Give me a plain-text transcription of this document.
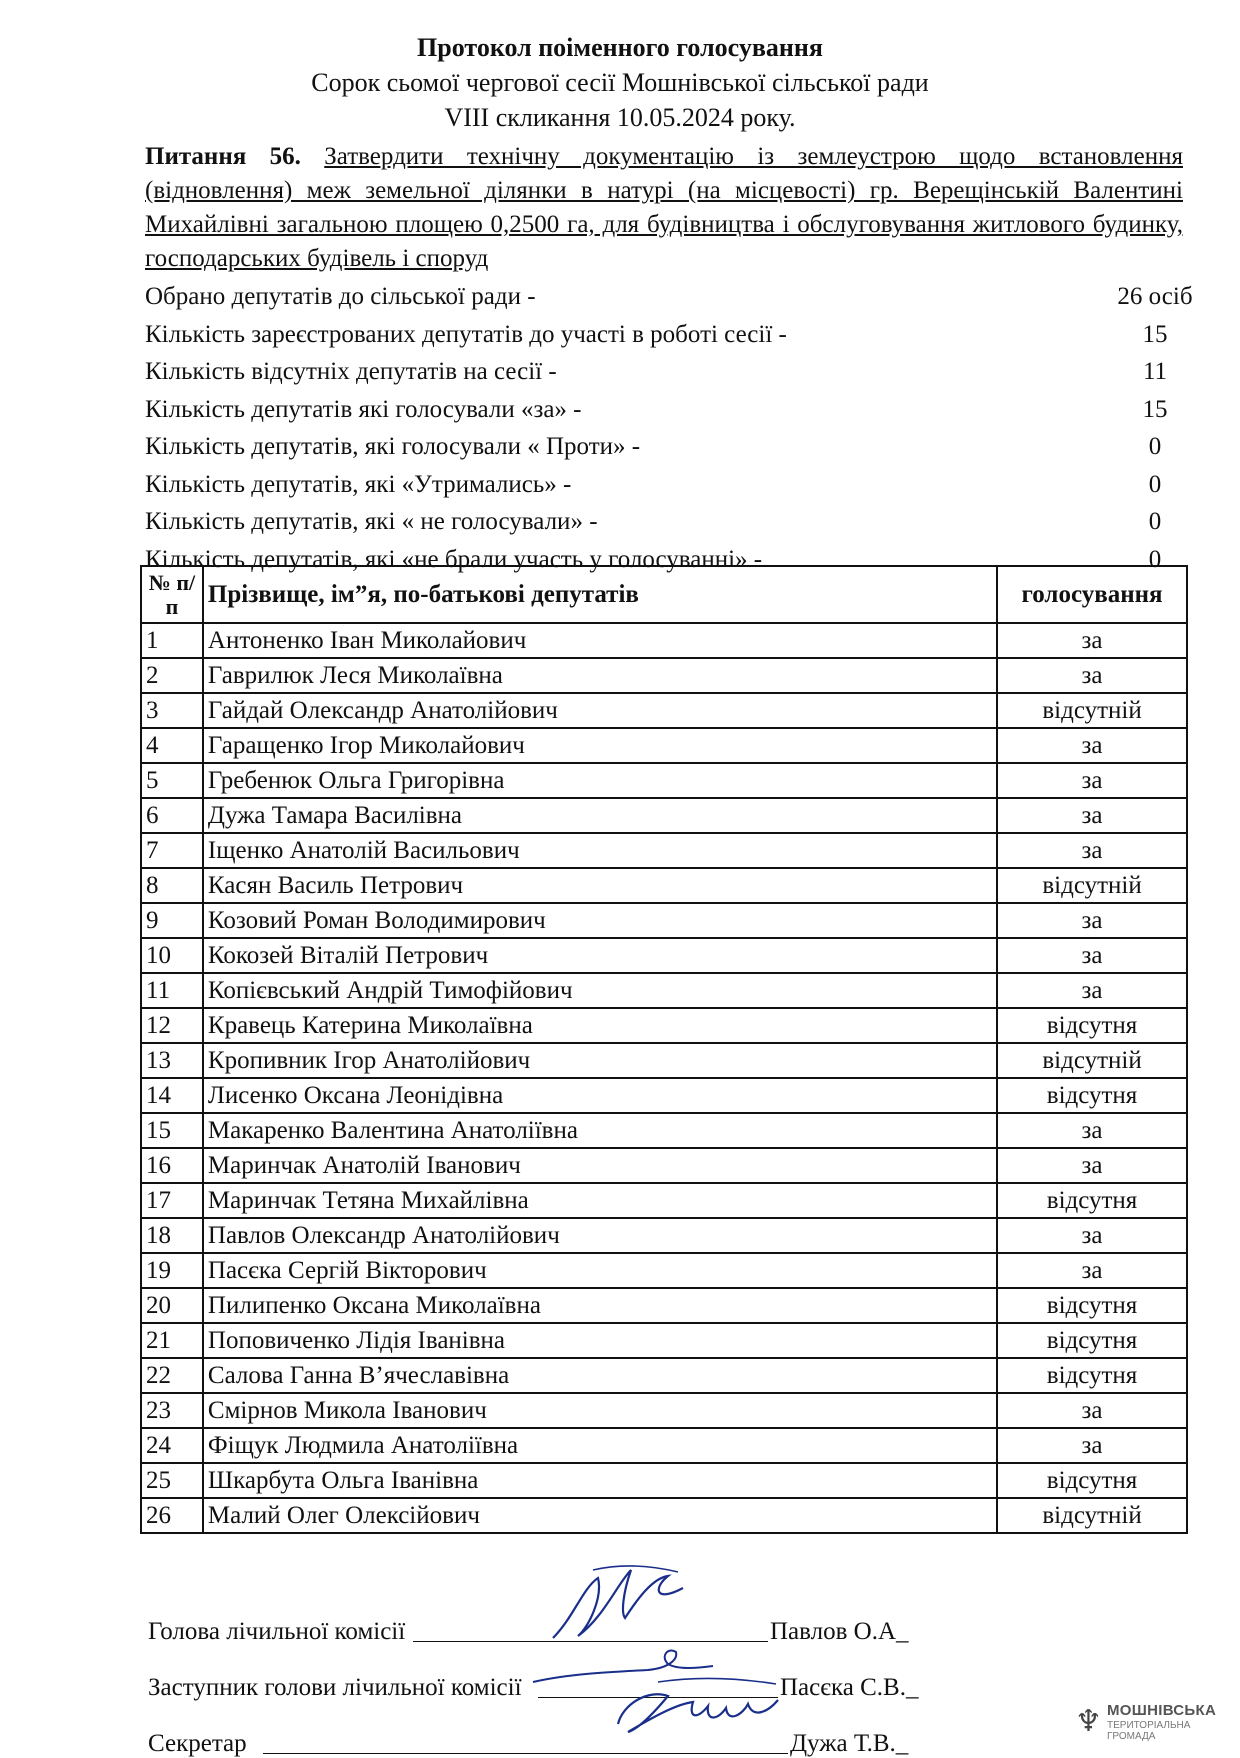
Протокол поіменного голосування
Сорок сьомої чергової сесії Мошнівської сільської ради
VIII скликання 10.05.2024 року.
Питання 56. Затвердити технічну документацію із землеустрою щодо встановлення (відновлення) меж земельної ділянки в натурі (на місцевості) гр. Верещінській Валентині Михайлівні загальною площею 0,2500 га, для будівництва і обслуговування житлового будинку, господарських будівель і споруд
Обрано депутатів до сільської ради -	26 осіб
Кількість зареєстрованих депутатів до участі в роботі сесії -	15
Кількість відсутніх депутатів на сесії -	11
Кількість депутатів які голосували «за» -	15
Кількість депутатів, які голосували « Проти» -	0
Кількість депутатів, які «Утримались» -	0
Кількість депутатів, які « не голосували» -	0
Кількість депутатів, які «не брали участь у голосуванні» -	0
№ п/п	Прізвище, ім”я, по-батькові депутатів	голосування
1	Антоненко Іван Миколайович	за
2	Гаврилюк Леся Миколаївна	за
3	Гайдай Олександр Анатолійович	відсутній
4	Гаращенко Ігор Миколайович	за
5	Гребенюк Ольга Григорівна	за
6	Дужа Тамара Василівна	за
7	Іщенко Анатолій Васильович	за
8	Касян Василь Петрович	відсутній
9	Козовий Роман Володимирович	за
10	Кокозей Віталій Петрович	за
11	Копієвський Андрій Тимофійович	за
12	Кравець Катерина Миколаївна	відсутня
13	Кропивник Ігор Анатолійович	відсутній
14	Лисенко Оксана Леонідівна	відсутня
15	Макаренко Валентина Анатоліївна	за
16	Маринчак Анатолій Іванович	за
17	Маринчак Тетяна Михайлівна	відсутня
18	Павлов Олександр Анатолійович	за
19	Пасєка Сергій Вікторович	за
20	Пилипенко Оксана Миколаївна	відсутня
21	Поповиченко Лідія Іванівна	відсутня
22	Салова Ганна В’ячеславівна	відсутня
23	Смірнов Микола Іванович	за
24	Фіщук Людмила Анатоліївна	за
25	Шкарбута Ольга Іванівна	відсутня
26	Малий Олег Олексійович	відсутній
Голова лічильної комісії	Павлов О.А_
Заступник голови лічильної комісії	Пасєка С.В._
Секретар	Дужа Т.В._
♆ МОШНІВСЬКА
ТЕРИТОРІАЛЬНА
ГРОМАДА
